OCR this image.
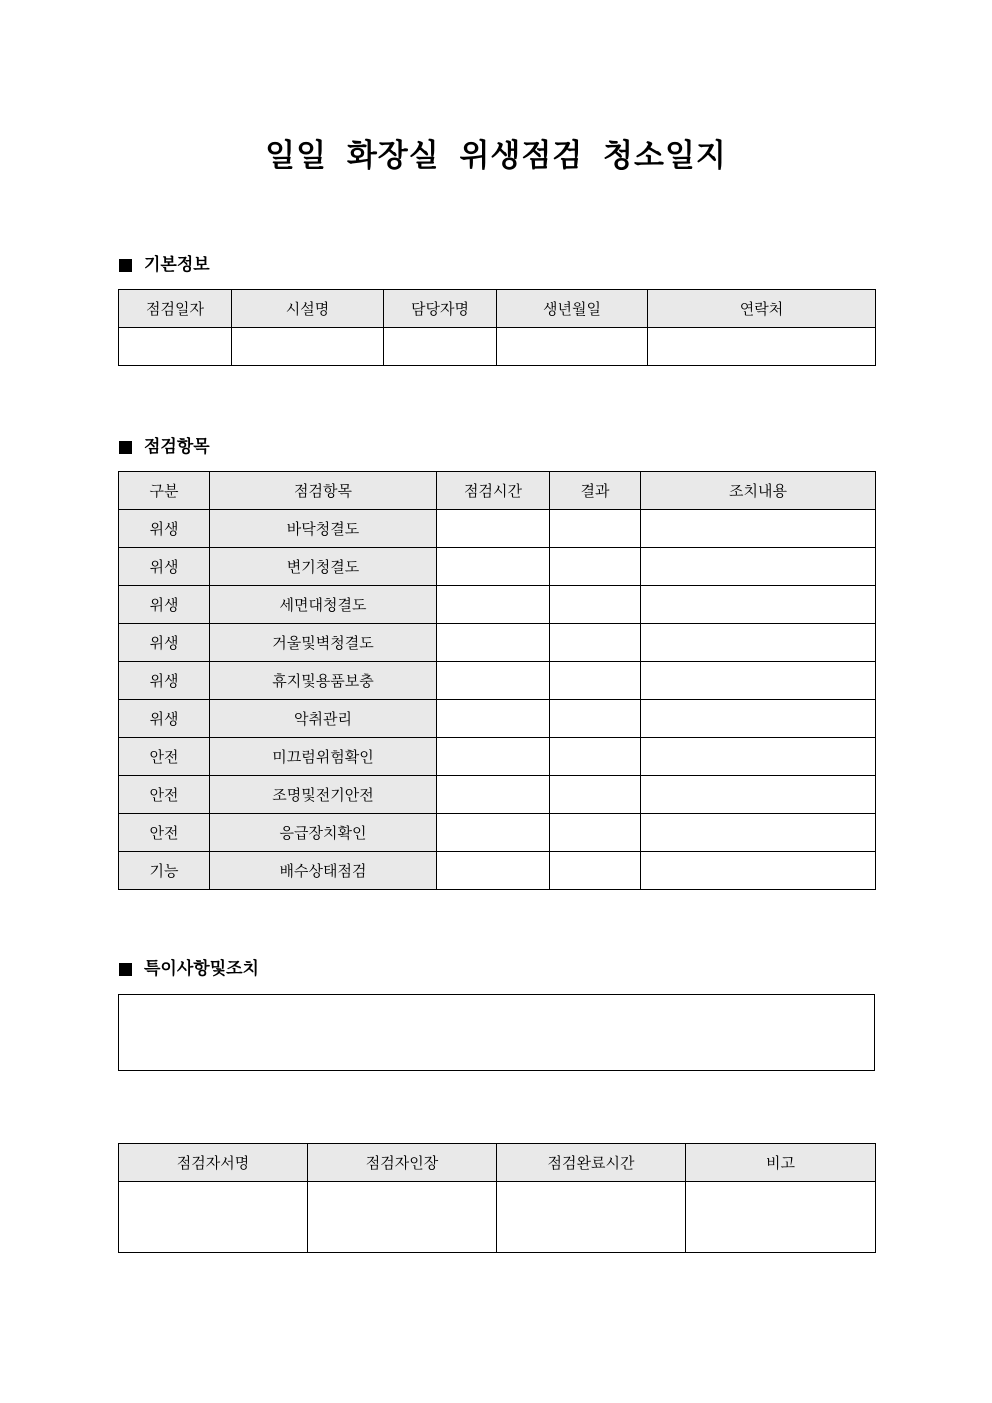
일일 화장실 위생점검 청소일지
기본정보
점검일자	시설명	담당자명	생년월일	연락처

점검항목
구분	점검항목	점검시간	결과	조치내용
위생	바닥청결도			
위생	변기청결도			
위생	세면대청결도			
위생	거울및벽청결도			
위생	휴지및용품보충			
위생	악취관리			
안전	미끄럼위험확인			
안전	조명및전기안전			
안전	응급장치확인			
기능	배수상태점검			
특이사항및조치
점검자서명	점검자인장	점검완료시간	비고
